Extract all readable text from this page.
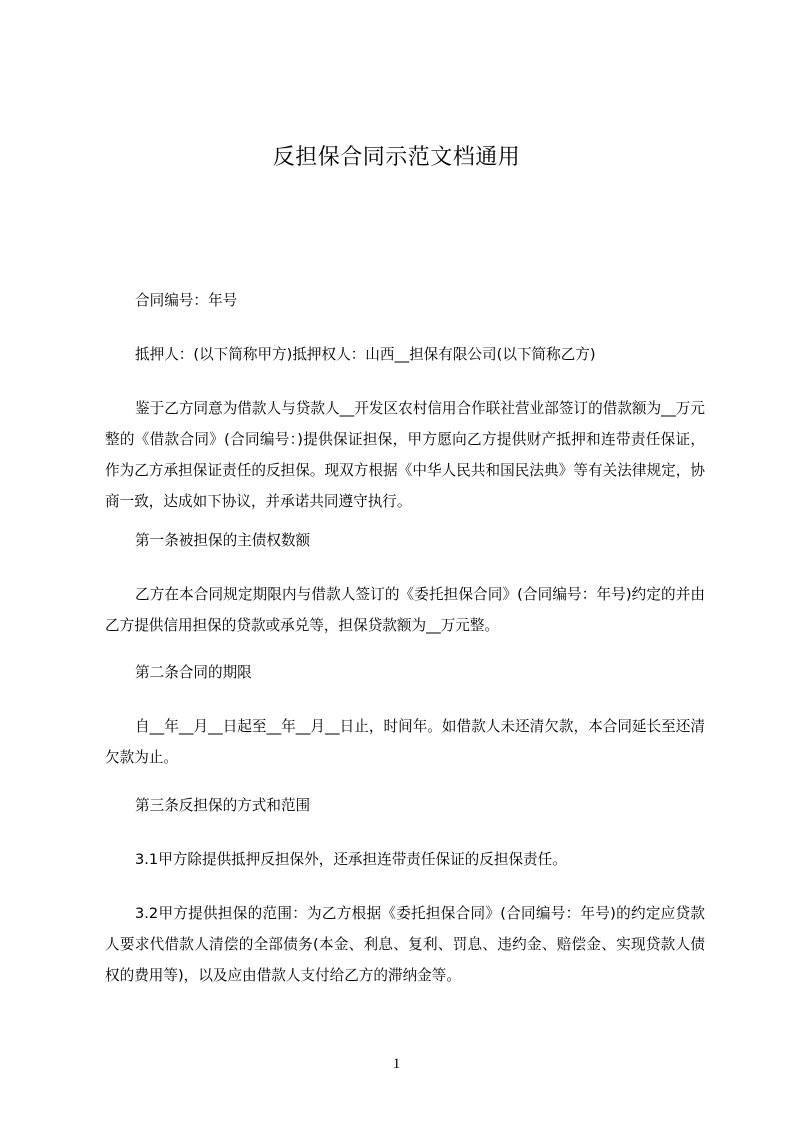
反担保合同示范文档通用
合同编号：年号
抵押人：(以下简称甲方)抵押权人：山西__担保有限公司(以下简称乙方)
鉴于乙方同意为借款人与贷款人__开发区农村信用合作联社营业部签订的借款额为__万元整的《借款合同》(合同编号：)提供保证担保，甲方愿向乙方提供财产抵押和连带责任保证，作为乙方承担保证责任的反担保。现双方根据《中华人民共和国民法典》等有关法律规定，协商一致，达成如下协议，并承诺共同遵守执行。
第一条被担保的主债权数额
乙方在本合同规定期限内与借款人签订的《委托担保合同》(合同编号：年号)约定的并由乙方提供信用担保的贷款或承兑等，担保贷款额为__万元整。
第二条合同的期限
自__年__月__日起至__年__月__日止，时间年。如借款人未还清欠款，本合同延长至还清欠款为止。
第三条反担保的方式和范围
3.1甲方除提供抵押反担保外，还承担连带责任保证的反担保责任。
3.2甲方提供担保的范围：为乙方根据《委托担保合同》(合同编号：年号)的约定应贷款人要求代借款人清偿的全部债务(本金、利息、复利、罚息、违约金、赔偿金、实现贷款人债权的费用等)，以及应由借款人支付给乙方的滞纳金等。
1
